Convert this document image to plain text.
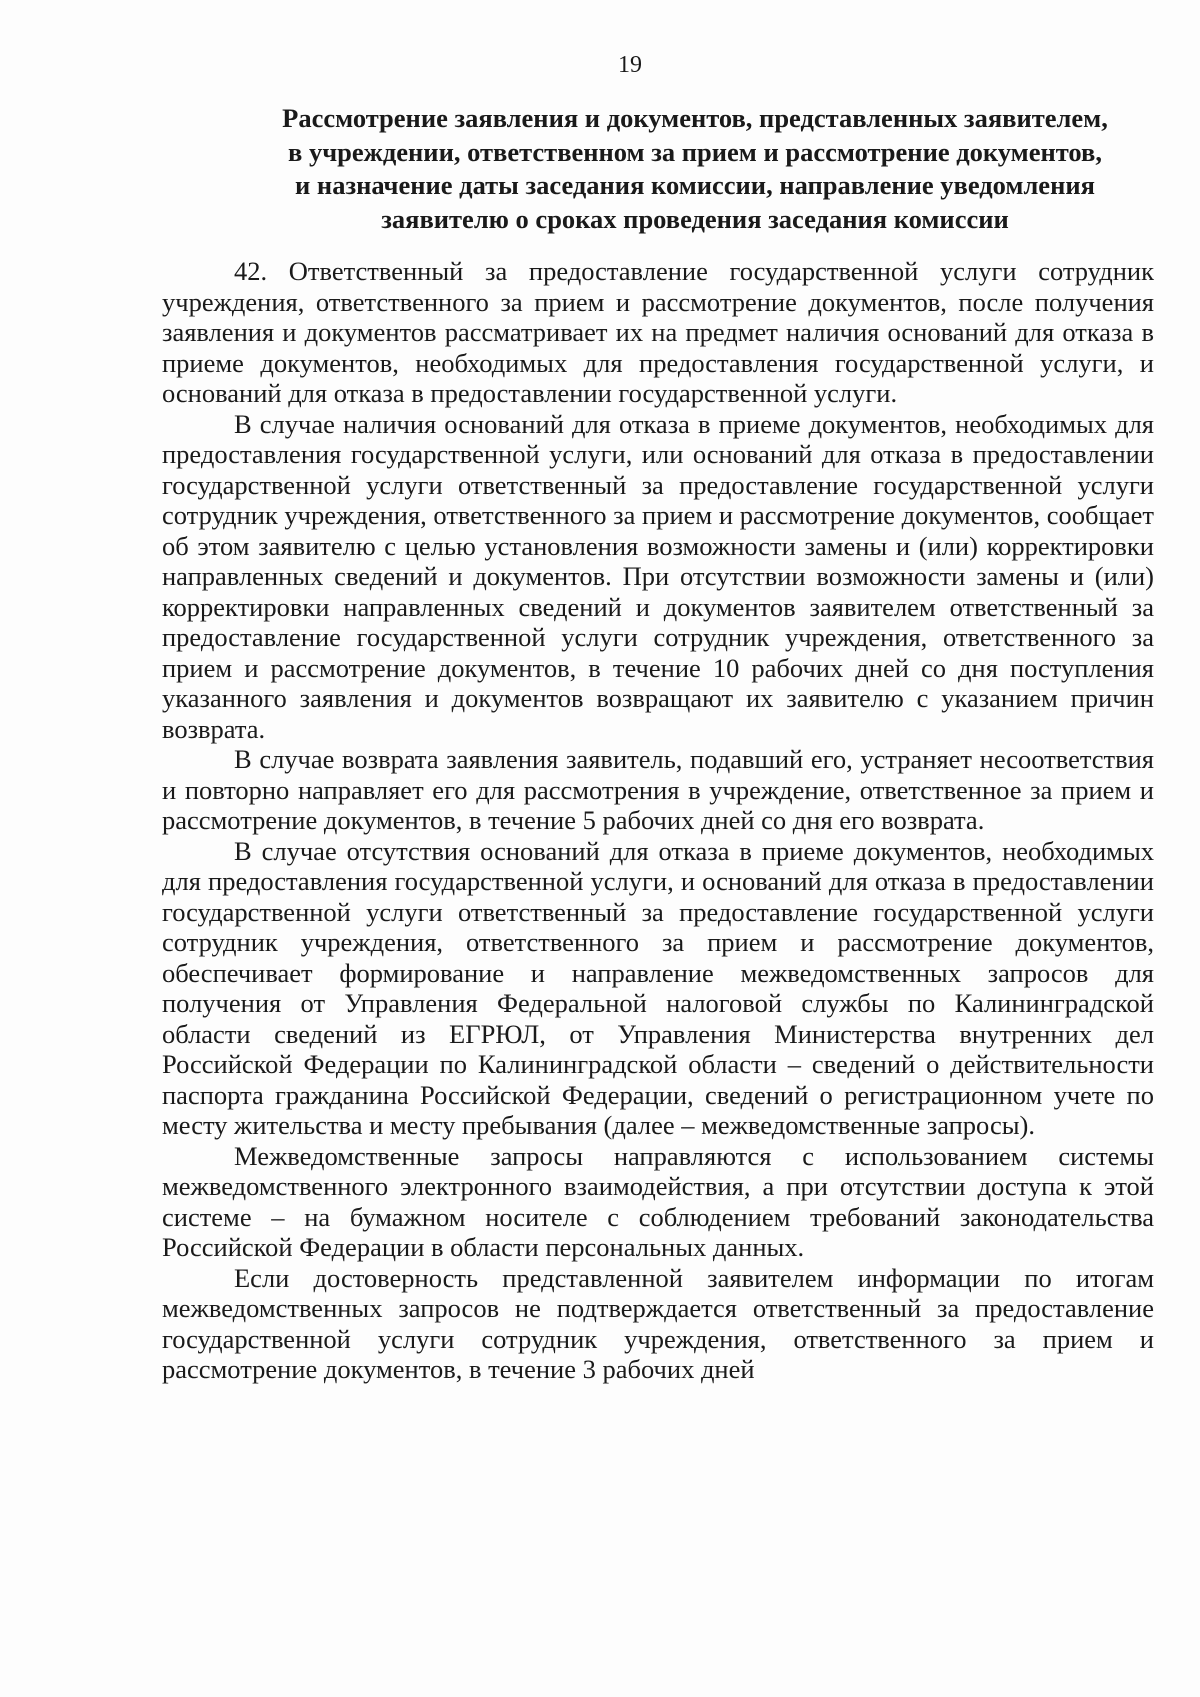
19
Рассмотрение заявления и документов, представленных заявителем,
в учреждении, ответственном за прием и рассмотрение документов,
и назначение даты заседания комиссии, направление уведомления
заявителю о сроках проведения заседания комиссии

42. Ответственный за предоставление государственной услуги сотрудник учреждения, ответственного за прием и рассмотрение документов, после получения заявления и документов рассматривает их на предмет наличия оснований для отказа в приеме документов, необходимых для предоставления государственной услуги, и оснований для отказа в предоставлении государственной услуги.

В случае наличия оснований для отказа в приеме документов, необходимых для предоставления государственной услуги, или оснований для отказа в предоставлении государственной услуги ответственный за предоставление государственной услуги сотрудник учреждения, ответственного за прием и рассмотрение документов, сообщает об этом заявителю с целью установления возможности замены и (или) корректировки направленных сведений и документов. При отсутствии возможности замены и (или) корректировки направленных сведений и документов заявителем ответственный за предоставление государственной услуги сотрудник учреждения, ответственного за прием и рассмотрение документов, в течение 10 рабочих дней со дня поступления указанного заявления и документов возвращают их заявителю с указанием причин возврата.

В случае возврата заявления заявитель, подавший его, устраняет несоответствия и повторно направляет его для рассмотрения в учреждение, ответственное за прием и рассмотрение документов, в течение 5 рабочих дней со дня его возврата.

В случае отсутствия оснований для отказа в приеме документов, необходимых для предоставления государственной услуги, и оснований для отказа в предоставлении государственной услуги ответственный за предоставление государственной услуги сотрудник учреждения, ответственного за прием и рассмотрение документов, обеспечивает формирование и направление межведомственных запросов для получения от Управления Федеральной налоговой службы по Калининградской области сведений из ЕГРЮЛ, от Управления Министерства внутренних дел Российской Федерации по Калининградской области – сведений о действительности паспорта гражданина Российской Федерации, сведений о регистрационном учете по месту жительства и месту пребывания (далее – межведомственные запросы).

Межведомственные запросы направляются с использованием системы межведомственного электронного взаимодействия, а при отсутствии доступа к этой системе – на бумажном носителе с соблюдением требований законодательства Российской Федерации в области персональных данных.

Если достоверность представленной заявителем информации по итогам межведомственных запросов не подтверждается ответственный за предоставление государственной услуги сотрудник учреждения, ответственного за прием и рассмотрение документов, в течение 3 рабочих дней
